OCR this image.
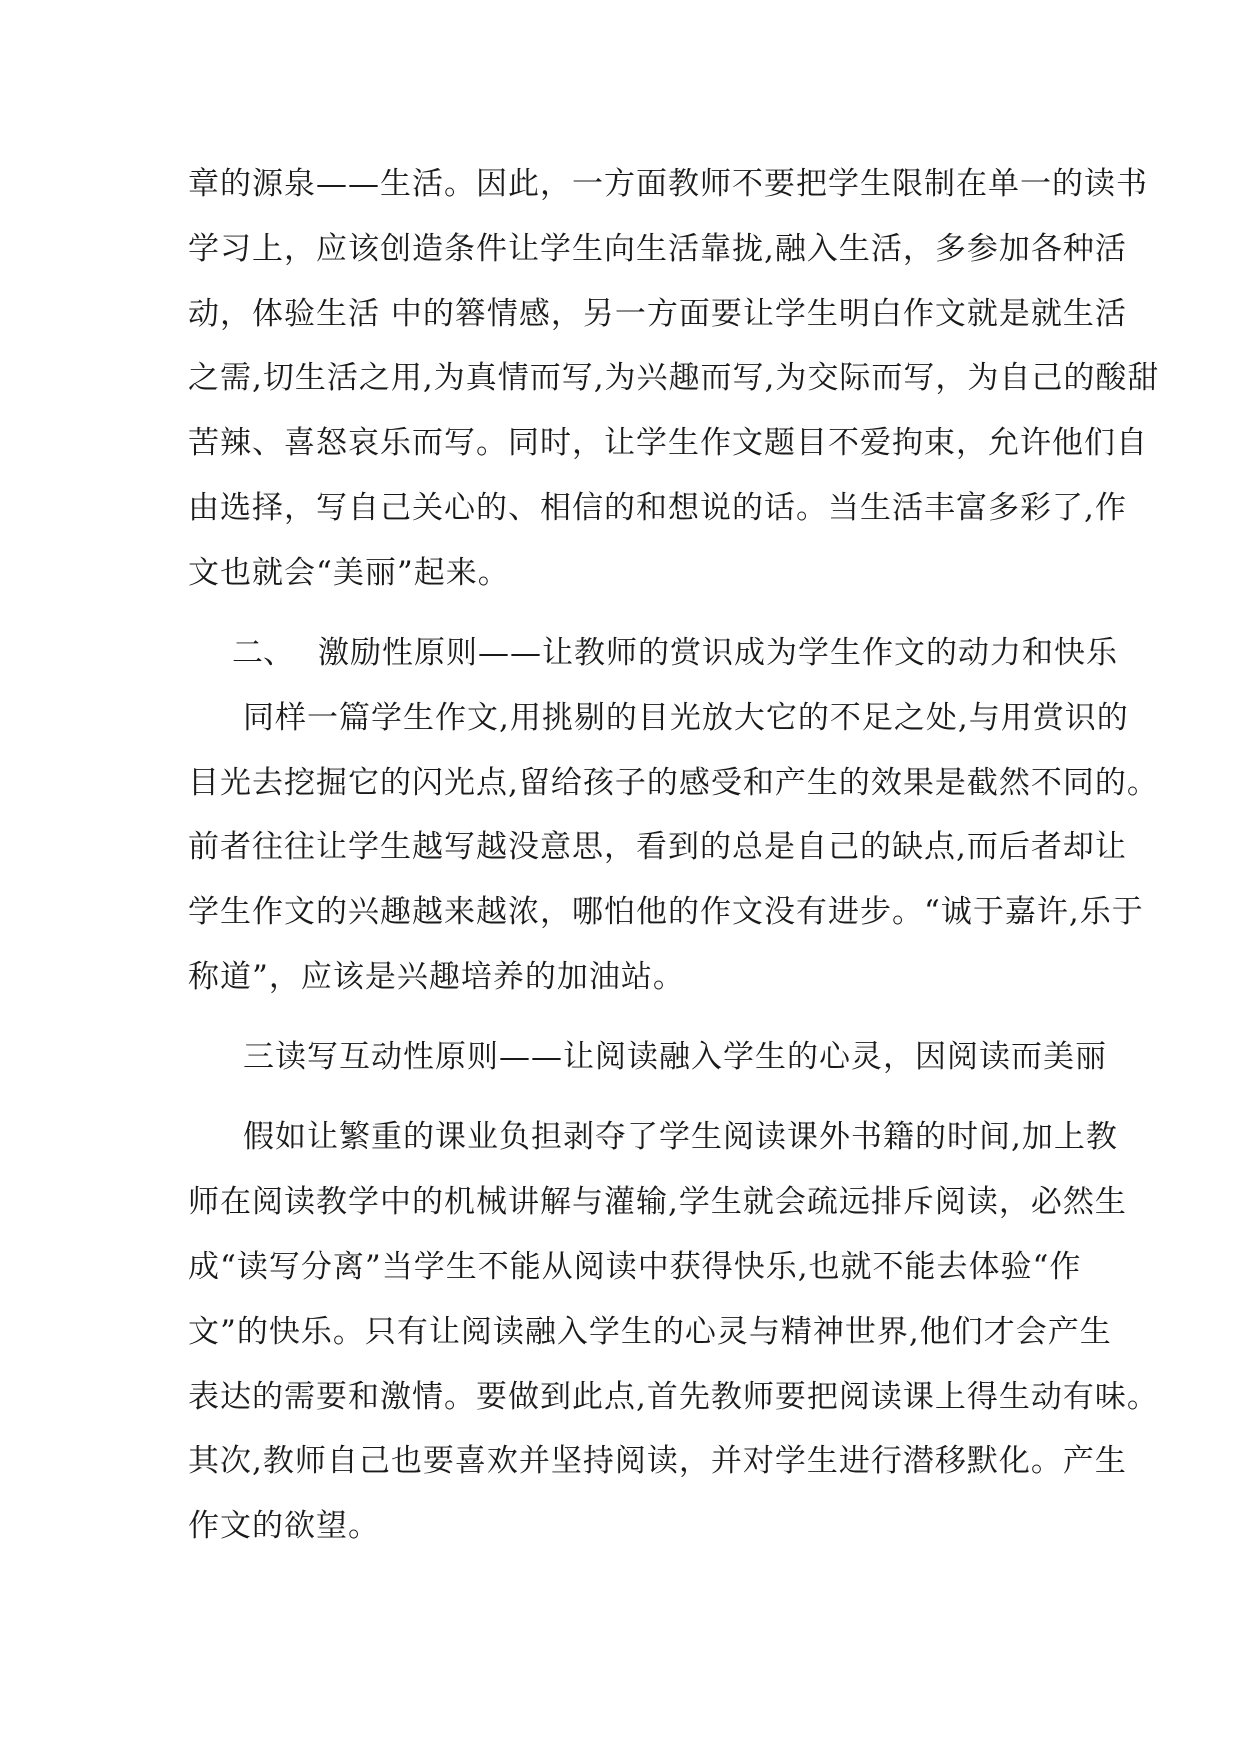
章的源泉——生活。因此，一方面教师不要把学生限制在单一的读书
学习上，应该创造条件让学生向生活靠拢,融入生活，多参加各种活
动，体验生活 中的簭情感，另一方面要让学生明白作文就是就生活
之需,切生活之用,为真情而写,为兴趣而写,为交际而写，为自己的酸甜
苦辣、喜怒哀乐而写。同时，让学生作文题目不爱拘束，允许他们自
由选择，写自己关心的、相信的和想说的话。当生活丰富多彩了,作
文也就会“美丽”起来。
二、 激励性原则——让教师的赏识成为学生作文的动力和快乐
同样一篇学生作文,用挑剔的目光放大它的不足之处,与用赏识的
目光去挖掘它的闪光点,留给孩子的感受和产生的效果是截然不同的。
前者往往让学生越写越没意思，看到的总是自己的缺点,而后者却让
学生作文的兴趣越来越浓，哪怕他的作文没有进步。“诚于嘉许,乐于
称道”，应该是兴趣培养的加油站。
三读写互动性原则——让阅读融入学生的心灵，因阅读而美丽
假如让繁重的课业负担剥夺了学生阅读课外书籍的时间,加上教
师在阅读教学中的机械讲解与灌输,学生就会疏远排斥阅读，必然生
成“读写分离”当学生不能从阅读中获得快乐,也就不能去体验“作
文”的快乐。只有让阅读融入学生的心灵与精神世界,他们才会产生
表达的需要和激情。要做到此点,首先教师要把阅读课上得生动有味。
其次,教师自己也要喜欢并坚持阅读，并对学生进行潜移默化。产生
作文的欲望。
